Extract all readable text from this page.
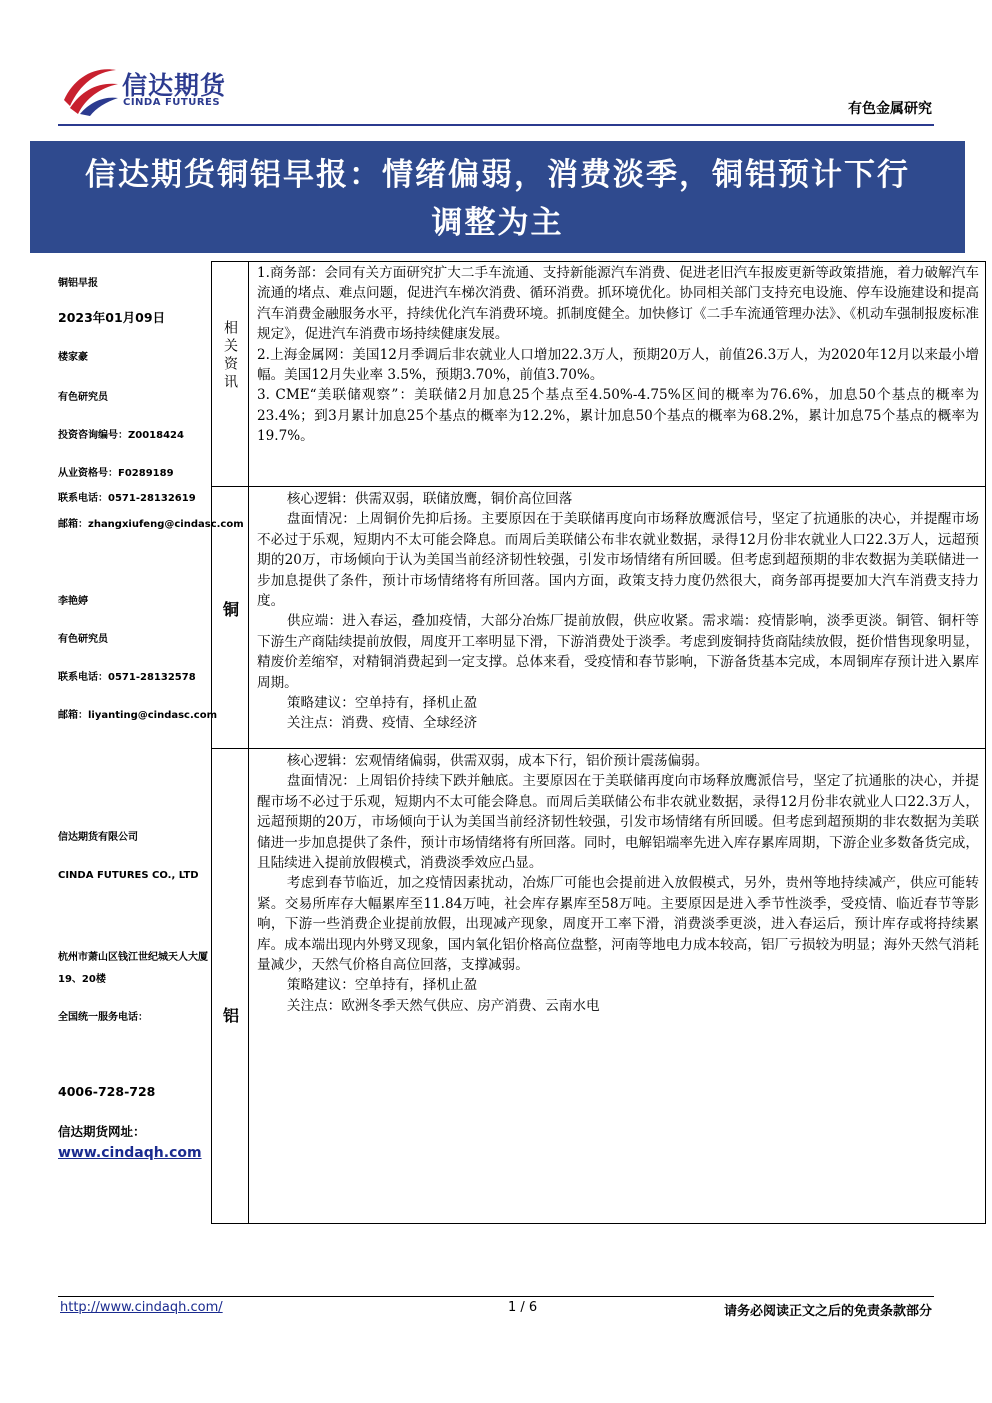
信达期货
CINDA FUTURES	有色金属研究
信达期货铜铝早报：情绪偏弱，消费淡季，铜铝预计下行
调整为主
铜铝早报
2023年01月09日
楼家豪
有色研究员
投资咨询编号：Z0018424
从业资格号：F0289189
联系电话：0571-28132619
邮箱：zhangxiufeng@cindasc.com
李艳婷
有色研究员
联系电话：0571-28132578
邮箱：liyanting@cindasc.com
信达期货有限公司
CINDA FUTURES CO., LTD
杭州市萧山区钱江世纪城天人大厦
19、20楼
全国统一服务电话：
4006-728-728
信达期货网址：
www.cindaqh.com
相关资讯

1.商务部：会同有关方面研究扩大二手车流通、支持新能源汽车消费、促进老旧汽车报废更新等政策措施，着力破解汽车流通的堵点、难点问题，促进汽车梯次消费、循环消费。抓环境优化。协同相关部门支持充电设施、停车设施建设和提高汽车消费金融服务水平，持续优化汽车消费环境。抓制度健全。加快修订《二手车流通管理办法》、《机动车强制报废标准规定》，促进汽车消费市场持续健康发展。

2.上海金属网：美国12月季调后非农就业人口增加22.3万人，预期20万人，前值26.3万人，为2020年12月以来最小增幅。美国12月失业率 3.5%，预期3.70%，前值3.70%。

3. CME“美联储观察”：美联储2月加息25个基点至4.50%-4.75%区间的概率为76.6%，加息50个基点的概率为23.4%；到3月累计加息25个基点的概率为12.2%，累计加息50个基点的概率为68.2%，累计加息75个基点的概率为19.7%。

铜

核心逻辑：供需双弱，联储放鹰，铜价高位回落

盘面情况：上周铜价先抑后扬。主要原因在于美联储再度向市场释放鹰派信号，坚定了抗通胀的决心，并提醒市场不必过于乐观，短期内不太可能会降息。而周后美联储公布非农就业数据，录得12月份非农就业人口22.3万人，远超预期的20万，市场倾向于认为美国当前经济韧性较强，引发市场情绪有所回暖。但考虑到超预期的非农数据为美联储进一步加息提供了条件，预计市场情绪将有所回落。国内方面，政策支持力度仍然很大，商务部再提要加大汽车消费支持力度。

供应端：进入春运，叠加疫情，大部分冶炼厂提前放假，供应收紧。需求端：疫情影响，淡季更淡。铜管、铜杆等下游生产商陆续提前放假，周度开工率明显下滑，下游消费处于淡季。考虑到废铜持货商陆续放假，挺价惜售现象明显，精废价差缩窄，对精铜消费起到一定支撑。总体来看，受疫情和春节影响，下游备货基本完成，本周铜库存预计进入累库周期。

策略建议：空单持有，择机止盈

关注点：消费、疫情、全球经济

铝

核心逻辑：宏观情绪偏弱，供需双弱，成本下行，铝价预计震荡偏弱。

盘面情况：上周铝价持续下跌并触底。主要原因在于美联储再度向市场释放鹰派信号，坚定了抗通胀的决心，并提醒市场不必过于乐观，短期内不太可能会降息。而周后美联储公布非农就业数据，录得12月份非农就业人口22.3万人，远超预期的20万，市场倾向于认为美国当前经济韧性较强，引发市场情绪有所回暖。但考虑到超预期的非农数据为美联储进一步加息提供了条件，预计市场情绪将有所回落。同时，电解铝端率先进入库存累库周期，下游企业多数备货完成，且陆续进入提前放假模式，消费淡季效应凸显。

考虑到春节临近，加之疫情因素扰动，冶炼厂可能也会提前进入放假模式，另外，贵州等地持续减产，供应可能转紧。交易所库存大幅累库至11.84万吨，社会库存累库至58万吨。主要原因是进入季节性淡季，受疫情、临近春节等影响，下游一些消费企业提前放假，出现减产现象，周度开工率下滑，消费淡季更淡，进入春运后，预计库存或将持续累库。成本端出现内外劈叉现象，国内氧化铝价格高位盘整，河南等地电力成本较高，铝厂亏损较为明显；海外天然气消耗量减少，天然气价格自高位回落，支撑减弱。

策略建议：空单持有，择机止盈

关注点：欧洲冬季天然气供应、房产消费、云南水电

http://www.cindaqh.com/	1 / 6	请务必阅读正文之后的免责条款部分
